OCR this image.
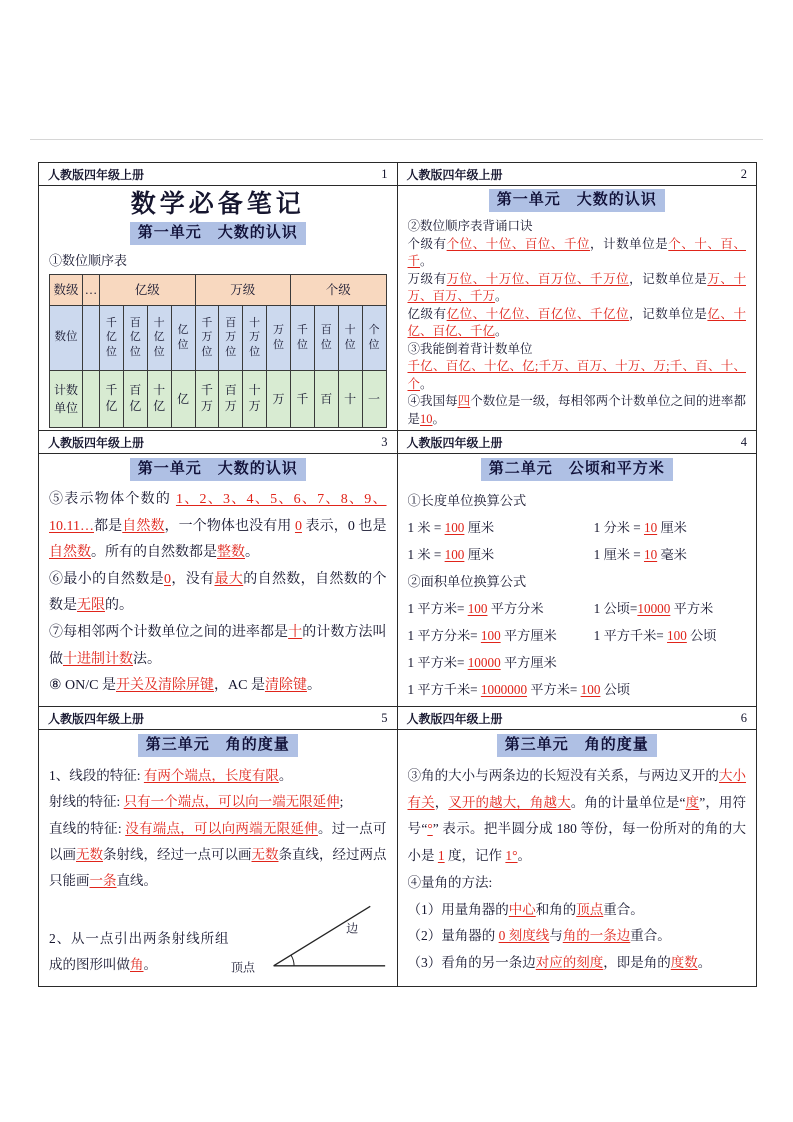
人教版四年级上册	1
数学必备笔记
第一单元　大数的认识

①数位顺序表

数级	…	亿级				万级				个级			
数位		千亿位	百亿位	十亿位	亿位	千万位	百万位	十万位	万位	千位	百位	十位	个位
计数单位		千亿	百亿	十亿	亿	千万	百万	十万	万	千	百	十	一
人教版四年级上册	2
第一单元　大数的认识

②数位顺序表背诵口诀

个级有个位、十位、百位、千位，计数单位是个、十、百、千。

万级有万位、十万位、百万位、千万位，记数单位是万、十万、百万、千万。

亿级有亿位、十亿位、百亿位、千亿位，记数单位是亿、十亿、百亿、千亿。

③我能倒着背计数单位

千亿、百亿、十亿、亿;千万、百万、十万、万;千、百、十、个。

④我国每四个数位是一级，每相邻两个计数单位之间的进率都是10。

人教版四年级上册	3
第一单元　大数的认识

⑤表示物体个数的 1、2、3、4、5、6、7、8、9、10.11…都是自然数，一个物体也没有用 0 表示，0 也是自然数。所有的自然数都是整数。

⑥最小的自然数是0，没有最大的自然数，自然数的个数是无限的。

⑦每相邻两个计数单位之间的进率都是十的计数方法叫做十进制计数法。

⑧ ON/C 是开关及清除屏键，AC 是清除键。

人教版四年级上册	4
第二单元　公顷和平方米

①长度单位换算公式

1 米 = 100 厘米	1 分米 = 10 厘米
1 米 = 100 厘米	1 厘米 = 10 毫米

②面积单位换算公式

1 平方米= 100 平方分米	1 公顷=10000 平方米
1 平方分米= 100 平方厘米	1 平方千米= 100 公顷
1 平方米= 10000 平方厘米

1 平方千米= 1000000 平方米= 100 公顷

人教版四年级上册	5
第三单元　角的度量

1、线段的特征: 有两个端点，长度有限。

射线的特征: 只有一个端点，可以向一端无限延伸;

直线的特征: 没有端点，可以向两端无限延伸。过一点可以画无数条射线，经过一点可以画无数条直线，经过两点只能画一条直线。

2、从一点引出两条射线所组成的图形叫做角。	顶点
边
人教版四年级上册	6
第三单元　角的度量

③角的大小与两条边的长短没有关系，与两边叉开的大小有关，叉开的越大，角越大。角的计量单位是“度”，用符号“°” 表示。把半圆分成 180 等份，每一份所对的角的大小是 1 度，记作 1°。

④量角的方法:

（1）用量角器的中心和角的顶点重合。

（2）量角器的 0 刻度线与角的一条边重合。

（3）看角的另一条边对应的刻度，即是角的度数。
